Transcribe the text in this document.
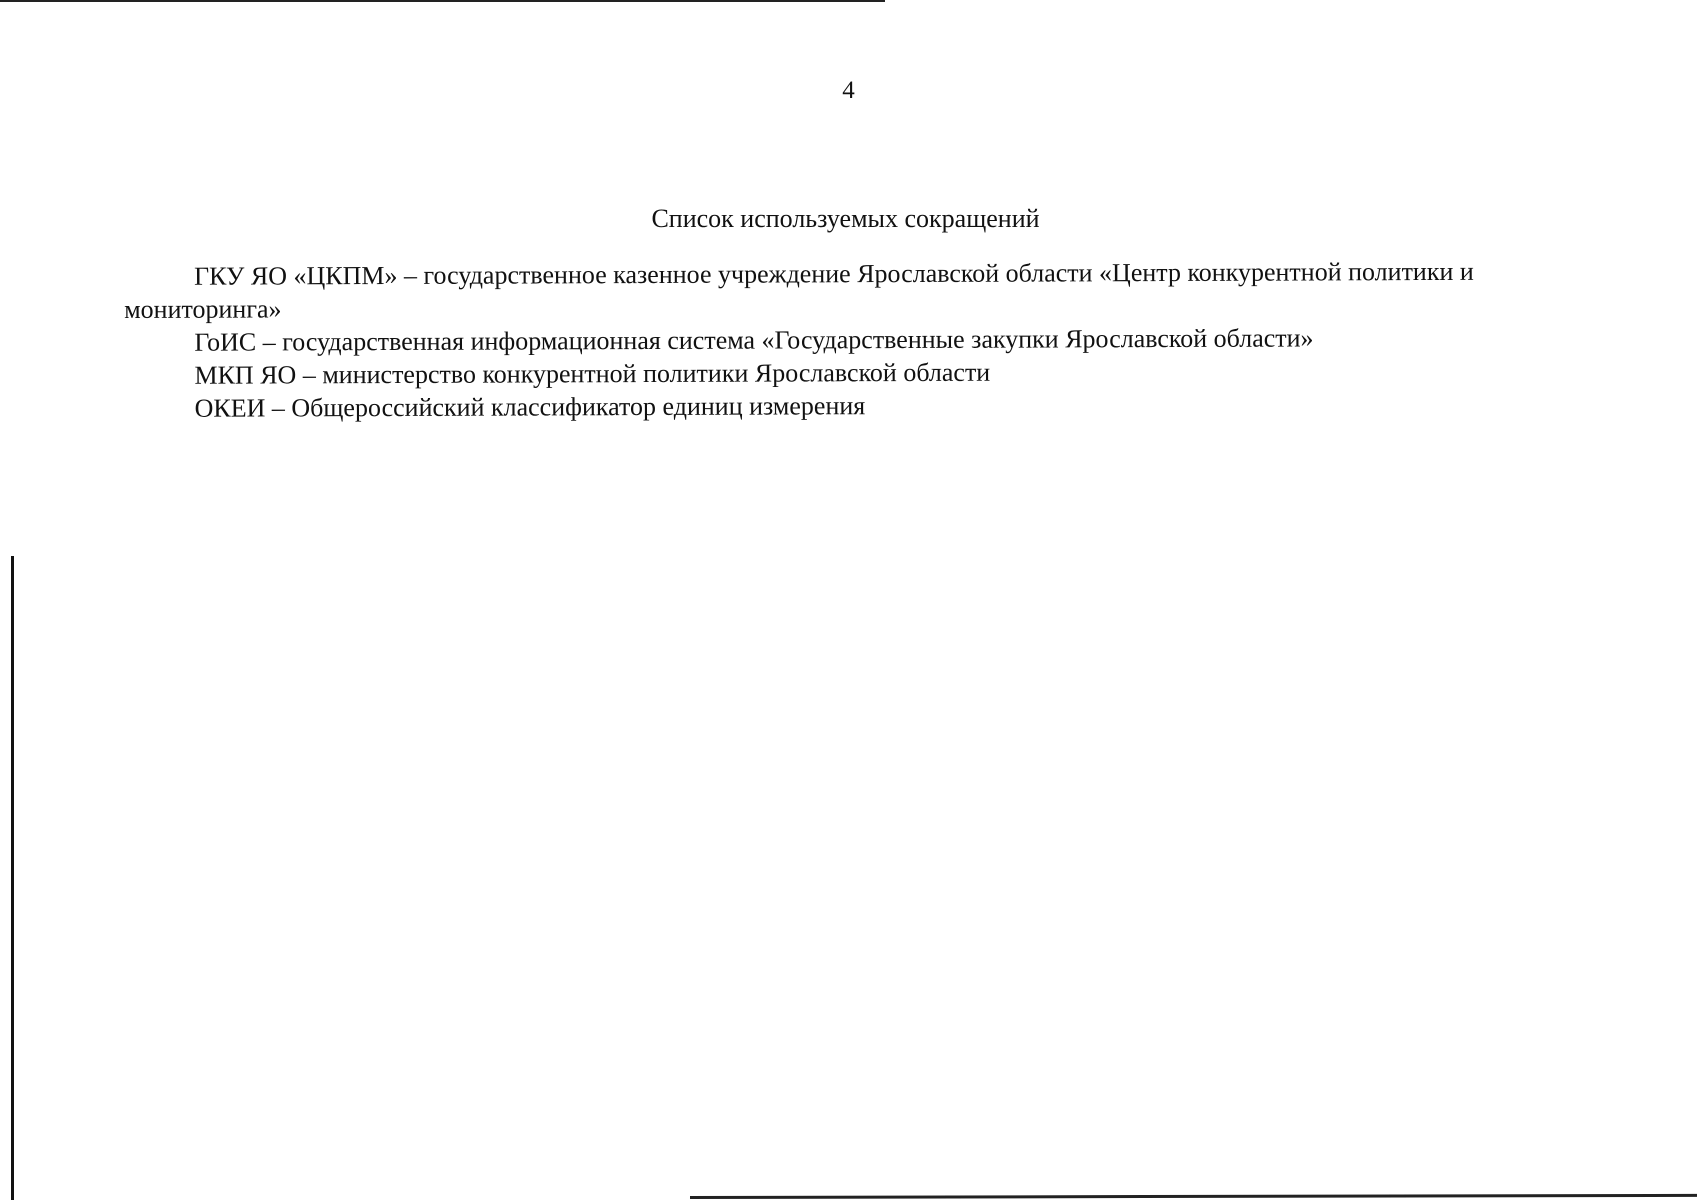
4
Список используемых сокращений

ГКУ ЯО «ЦКПМ» – государственное казенное учреждение Ярославской области «Центр конкурентной политики и мониторинга»

ГоИС – государственная информационная система «Государственные закупки Ярославской области»

МКП ЯО – министерство конкурентной политики Ярославской области

ОКЕИ – Общероссийский классификатор единиц измерения
